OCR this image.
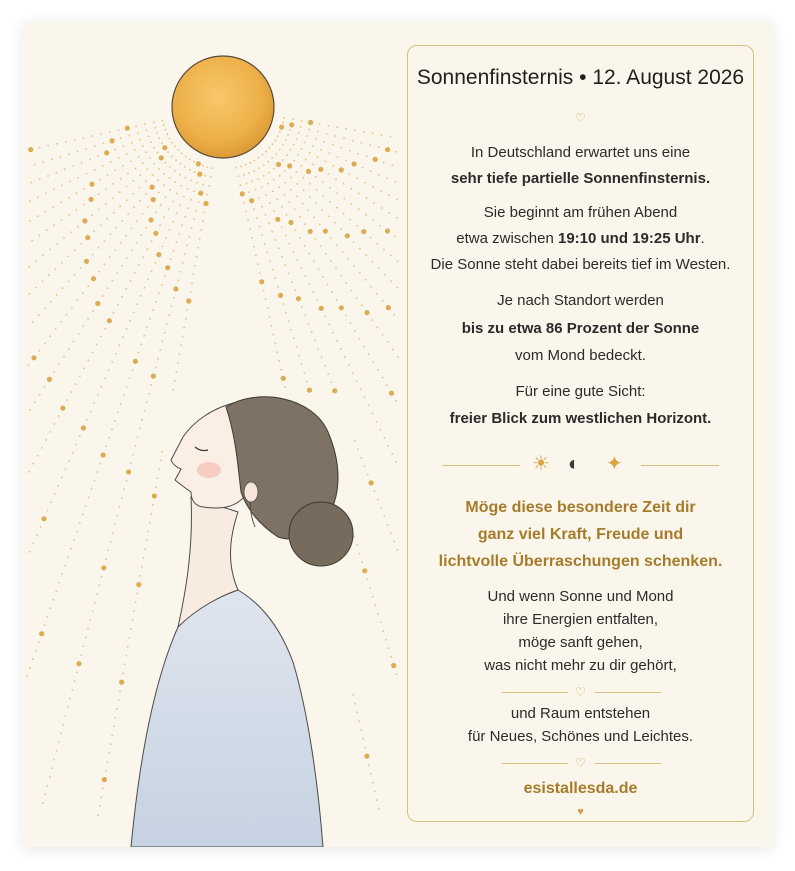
Sonnenfinsternis • 12. August 2026
♡
In Deutschland erwartet uns eine
sehr tiefe partielle Sonnenfinsternis.
Sie beginnt am frühen Abend
etwa zwischen 19:10 und 19:25 Uhr.
Die Sonne steht dabei bereits tief im Westen.
Je nach Standort werden
bis zu etwa 86 Prozent der Sonne
vom Mond bedeckt.
Für eine gute Sicht:
freier Blick zum westlichen Horizont.
☀ ◐ ✦
Möge diese besondere Zeit dir
ganz viel Kraft, Freude und
lichtvolle Überraschungen schenken.
Und wenn Sonne und Mond
ihre Energien entfalten,
möge sanft gehen,
was nicht mehr zu dir gehört,
♡
und Raum entstehen
für Neues, Schönes und Leichtes.
♡
esistallesda.de
♥
